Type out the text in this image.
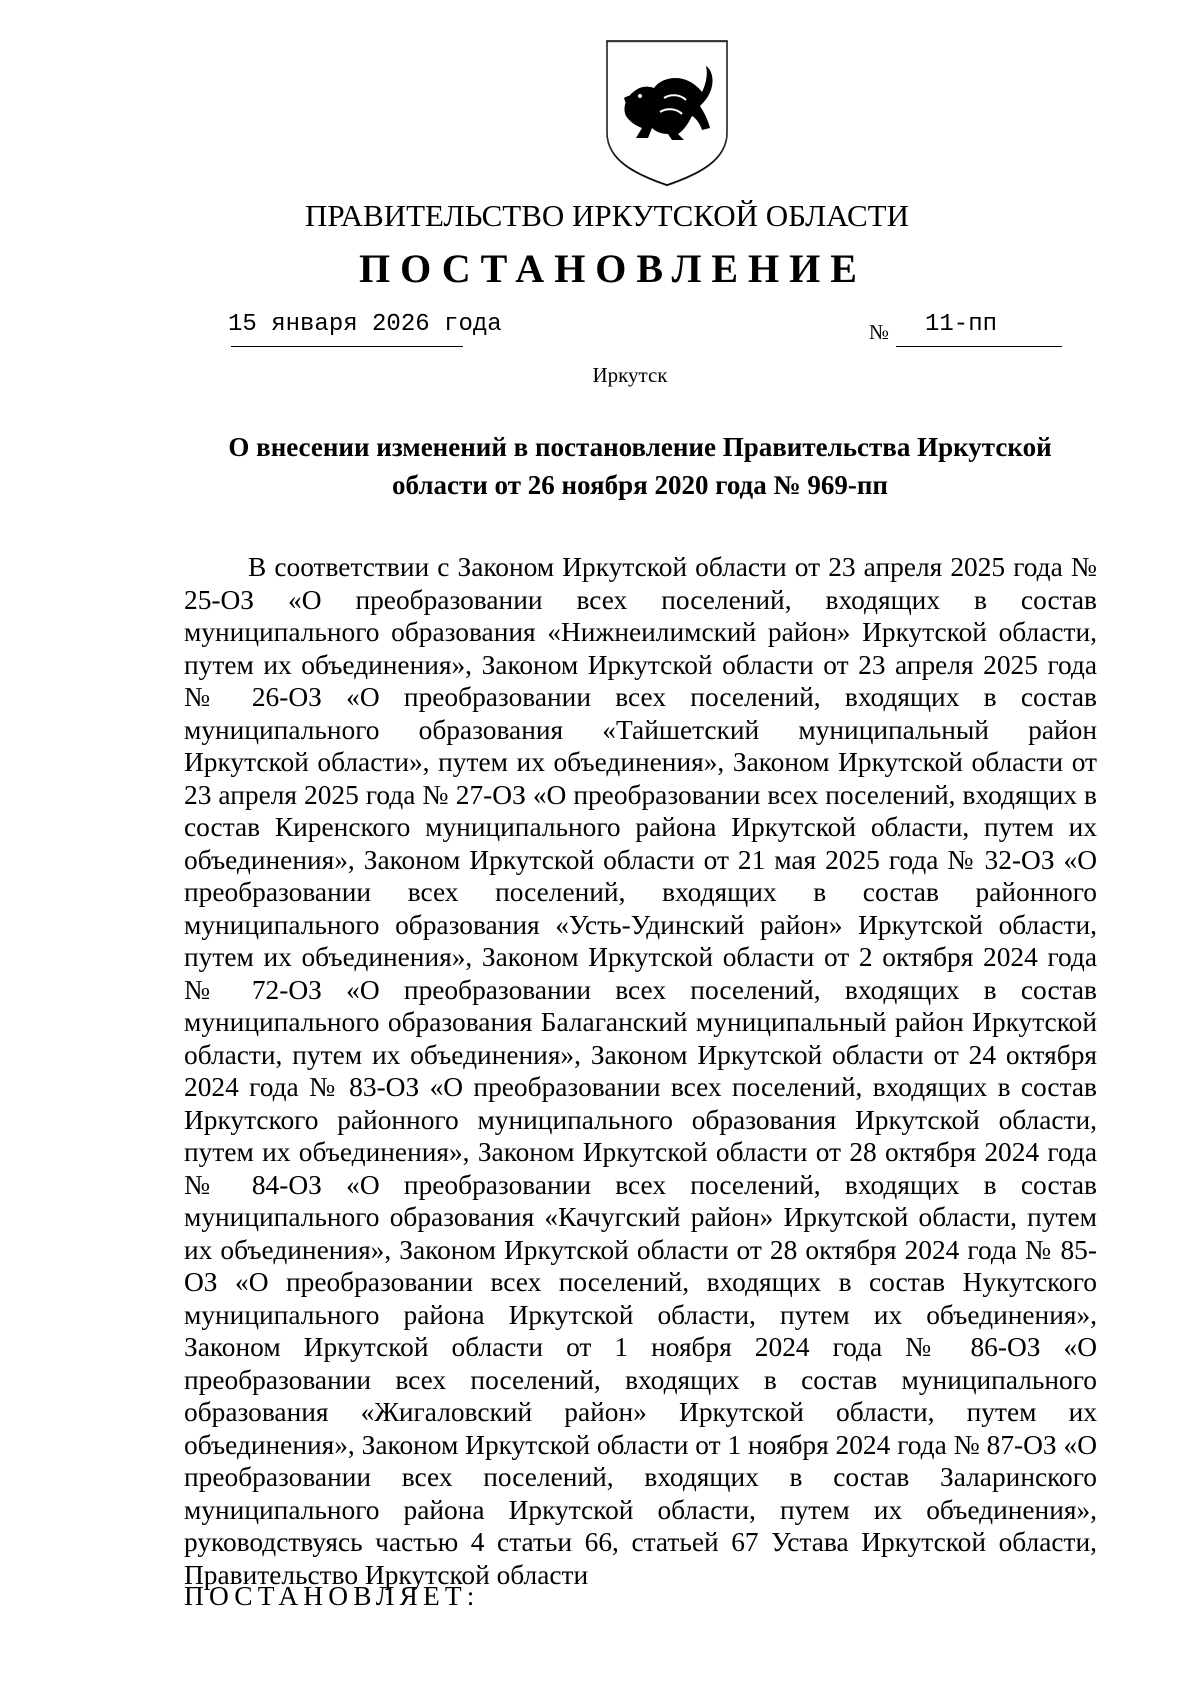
ПРАВИТЕЛЬСТВО ИРКУТСКОЙ ОБЛАСТИ
ПОСТАНОВЛЕНИЕ
15 января 2026 года	№	11-пп
Иркутск
О внесении изменений в постановление Правительства Иркутской
области от 26 ноября 2020 года № 969-пп

В соответствии с Законом Иркутской области от 23 апреля 2025 года № 25-ОЗ «О преобразовании всех поселений, входящих в состав муниципального образования «Нижнеилимский район» Иркутской области, путем их объединения», Законом Иркутской области от 23 апреля 2025 года № 26-ОЗ «О преобразовании всех поселений, входящих в состав муниципального образования «Тайшетский муниципальный район Иркутской области», путем их объединения», Законом Иркутской области от 23 апреля 2025 года № 27-ОЗ «О преобразовании всех поселений, входящих в состав Киренского муниципального района Иркутской области, путем их объединения», Законом Иркутской области от 21 мая 2025 года № 32-ОЗ «О преобразовании всех поселений, входящих в состав районного муниципального образования «Усть-Удинский район» Иркутской области, путем их объединения», Законом Иркутской области от 2 октября 2024 года № 72-ОЗ «О преобразовании всех поселений, входящих в состав муниципального образования Балаганский муниципальный район Иркутской области, путем их объединения», Законом Иркутской области от 24 октября 2024 года № 83-ОЗ «О преобразовании всех поселений, входящих в состав Иркутского районного муниципального образования Иркутской области, путем их объединения», Законом Иркутской области от 28 октября 2024 года № 84-ОЗ «О преобразовании всех поселений, входящих в состав муниципального образования «Качугский район» Иркутской области, путем их объединения», Законом Иркутской области от 28 октября 2024 года № 85-ОЗ «О преобразовании всех поселений, входящих в состав Нукутского муниципального района Иркутской области, путем их объединения», Законом Иркутской области от 1 ноября 2024 года № 86-ОЗ «О преобразовании всех поселений, входящих в состав муниципального образования «Жигаловский район» Иркутской области, путем их объединения», Законом Иркутской области от 1 ноября 2024 года № 87-ОЗ «О преобразовании всех поселений, входящих в состав Заларинского муниципального района Иркутской области, путем их объединения», руководствуясь частью 4 статьи 66, статьей 67 Устава Иркутской области, Правительство Иркутской области

ПОСТАНОВЛЯЕТ:
